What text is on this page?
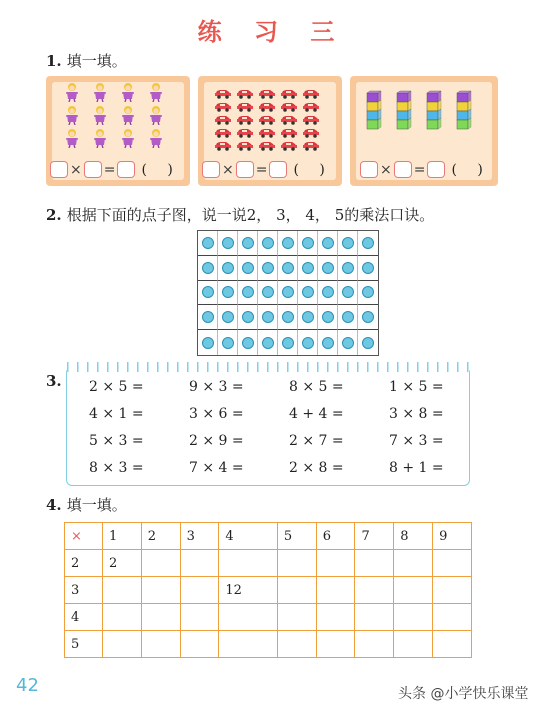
练 习 三
1. 填一填。
× = ( )	× = ( )	× = ( )
2. 根据下面的点子图，说一说2， 3， 4， 5的乘法口诀。
3. 2 × 5 =	9 × 3 =	8 × 5 =	1 × 5 =
4 × 1 =	3 × 6 =	4 + 4 =	3 × 8 =
5 × 3 =	2 × 9 =	2 × 7 =	7 × 3 =
8 × 3 =	7 × 4 =	2 × 8 =	8 + 1 =
4. 填一填。
×	1	2	3	4	5	6	7	8	9
2	2								
3				12					
4									
5									
42	头条 @小学快乐课堂
